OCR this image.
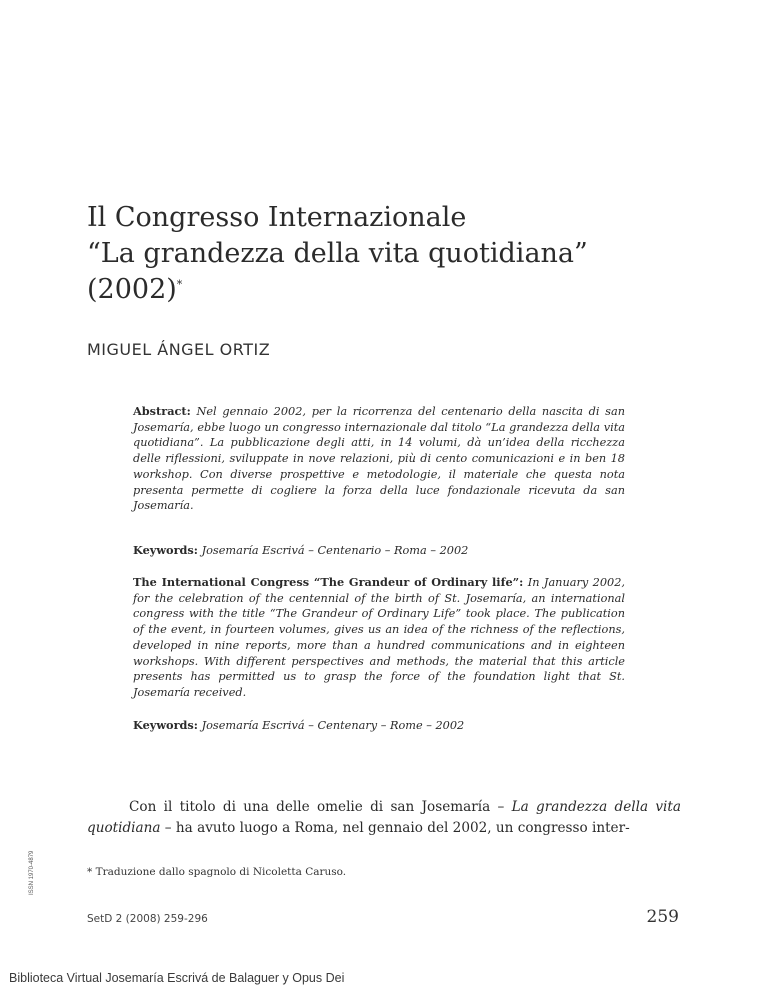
Il Congresso Internazionale
“La grandezza della vita quotidiana”
(2002)*
MIGUEL ÁNGEL ORTIZ
Abstract: Nel gennaio 2002, per la ricorrenza del centenario della nascita di san Josemaría, ebbe luogo un congresso internazionale dal titolo “La grandezza della vita quotidiana”. La pubblicazione degli atti, in 14 volumi, dà un’idea della ricchezza delle riflessioni, sviluppate in nove relazioni, più di cento comunicazioni e in ben 18 workshop. Con diverse prospettive e metodologie, il materiale che questa nota presenta permette di cogliere la forza della luce fondazionale ricevuta da san Josemaría.
Keywords: Josemaría Escrivá – Centenario – Roma – 2002
The International Congress “The Grandeur of Ordinary life”: In January 2002, for the celebration of the centennial of the birth of St. Josemaría, an international congress with the title “The Grandeur of Ordinary Life” took place. The publication of the event, in fourteen volumes, gives us an idea of the richness of the reflections, developed in nine reports, more than a hundred communications and in eighteen workshops. With different perspectives and methods, the material that this article presents has permitted us to grasp the force of the foundation light that St. Josemaría received.
Keywords: Josemaría Escrivá – Centenary – Rome – 2002
Con il titolo di una delle omelie di san Josemaría – La grandezza della vita quotidiana – ha avuto luogo a Roma, nel gennaio del 2002, un congresso inter-
* Traduzione dallo spagnolo di Nicoletta Caruso.
ISSN 1970-4879
SetD 2 (2008) 259-296	259
Biblioteca Virtual Josemaría Escrivá de Balaguer y Opus Dei
